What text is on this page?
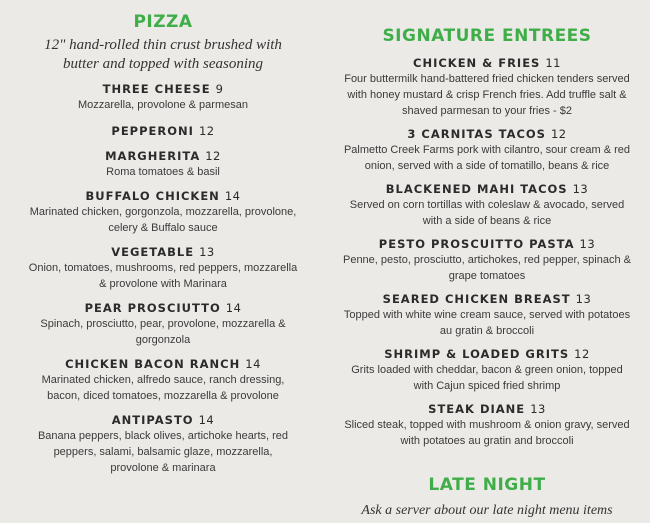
PIZZA

12" hand-rolled thin crust brushed with butter and topped with seasoning

THREE CHEESE 9
Mozzarella, provolone & parmesan
PEPPERONI 12
MARGHERITA 12
Roma tomatoes & basil
BUFFALO CHICKEN 14
Marinated chicken, gorgonzola, mozzarella, provolone, celery & Buffalo sauce
VEGETABLE 13
Onion, tomatoes, mushrooms, red peppers, mozzarella & provolone with Marinara
PEAR PROSCIUTTO 14
Spinach, prosciutto, pear, provolone, mozzarella & gorgonzola
CHICKEN BACON RANCH 14
Marinated chicken, alfredo sauce, ranch dressing, bacon, diced tomatoes, mozzarella & provolone
ANTIPASTO 14
Banana peppers, black olives, artichoke hearts, red peppers, salami, balsamic glaze, mozzarella, provolone & marinara
SIGNATURE ENTREES
CHICKEN & FRIES 11
Four buttermilk hand-battered fried chicken tenders served with honey mustard & crisp French fries. Add truffle salt & shaved parmesan to your fries - $2
3 CARNITAS TACOS 12
Palmetto Creek Farms pork with cilantro, sour cream & red onion, served with a side of tomatillo, beans & rice
BLACKENED MAHI TACOS 13
Served on corn tortillas with coleslaw & avocado, served with a side of beans & rice
PESTO PROSCUITTO PASTA 13
Penne, pesto, prosciutto, artichokes, red pepper, spinach & grape tomatoes
SEARED CHICKEN BREAST 13
Topped with white wine cream sauce, served with potatoes au gratin & broccoli
SHRIMP & LOADED GRITS 12
Grits loaded with cheddar, bacon & green onion, topped with Cajun spiced fried shrimp
STEAK DIANE 13
Sliced steak, topped with mushroom & onion gravy, served with potatoes au gratin and broccoli
LATE NIGHT
Ask a server about our late night menu items
